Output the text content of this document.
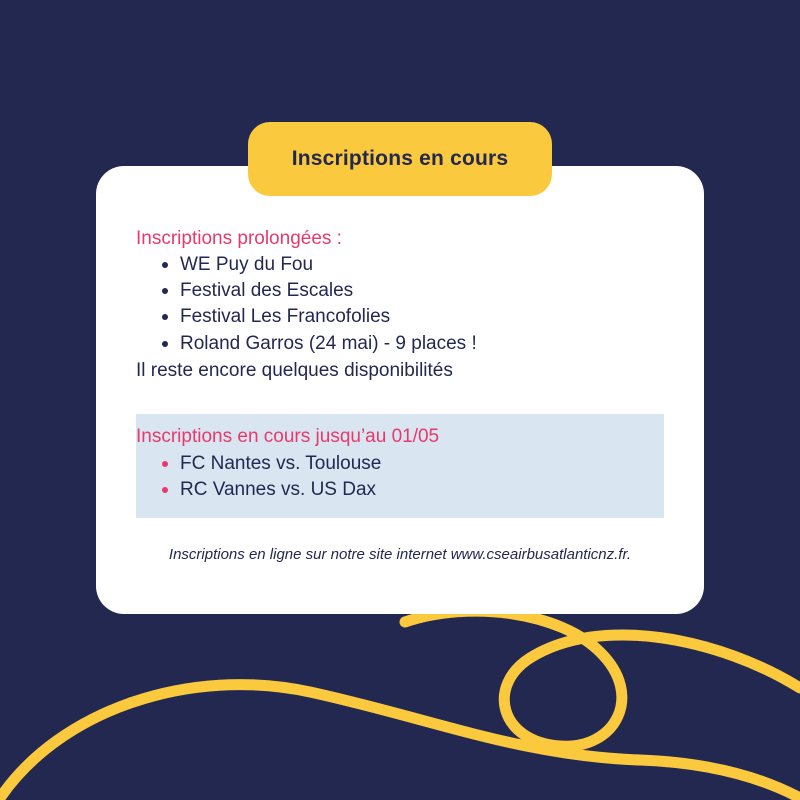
Inscriptions prolongées :
WE Puy du Fou
Festival des Escales
Festival Les Francofolies
Roland Garros (24 mai) - 9 places !
Il reste encore quelques disponibilités
Inscriptions en cours jusqu’au 01/05
FC Nantes vs. Toulouse
RC Vannes vs. US Dax
Inscriptions en ligne sur notre site internet www.cseairbusatlanticnz.fr.
Inscriptions en cours
